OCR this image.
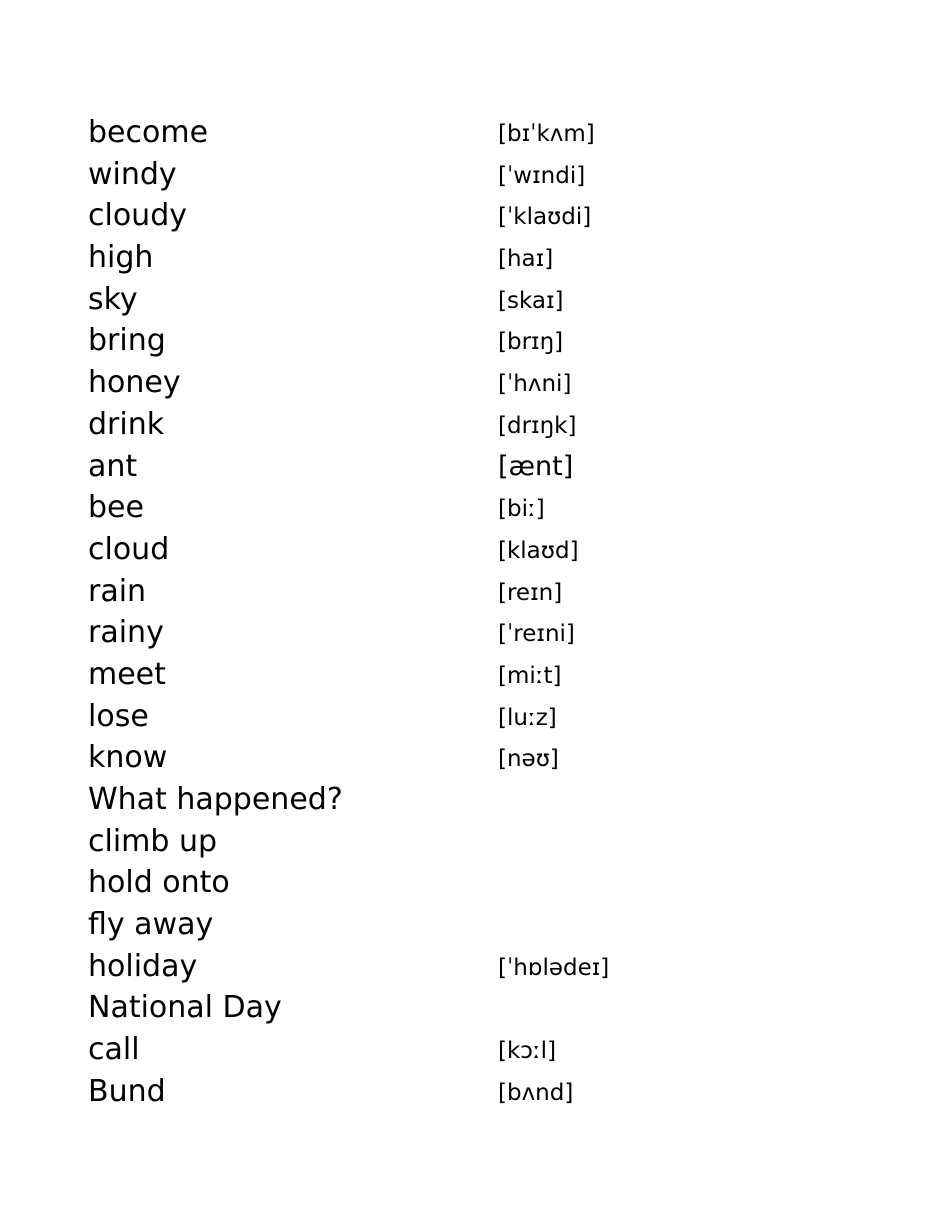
become	[bɪˈkʌm]
windy	[ˈwɪndi]
cloudy	[ˈklaʊdi]
high	[haɪ]
sky	[skaɪ]
bring	[brɪŋ]
honey	[ˈhʌni]
drink	[drɪŋk]
ant	[ænt]
bee	[biː]
cloud	[klaʊd]
rain	[reɪn]
rainy	[ˈreɪni]
meet	[miːt]
lose	[luːz]
know	[nəʊ]
What happened?
climb up
hold onto
fly away
holiday	[ˈhɒlədeɪ]
National Day
call	[kɔːl]
Bund	[bʌnd]
